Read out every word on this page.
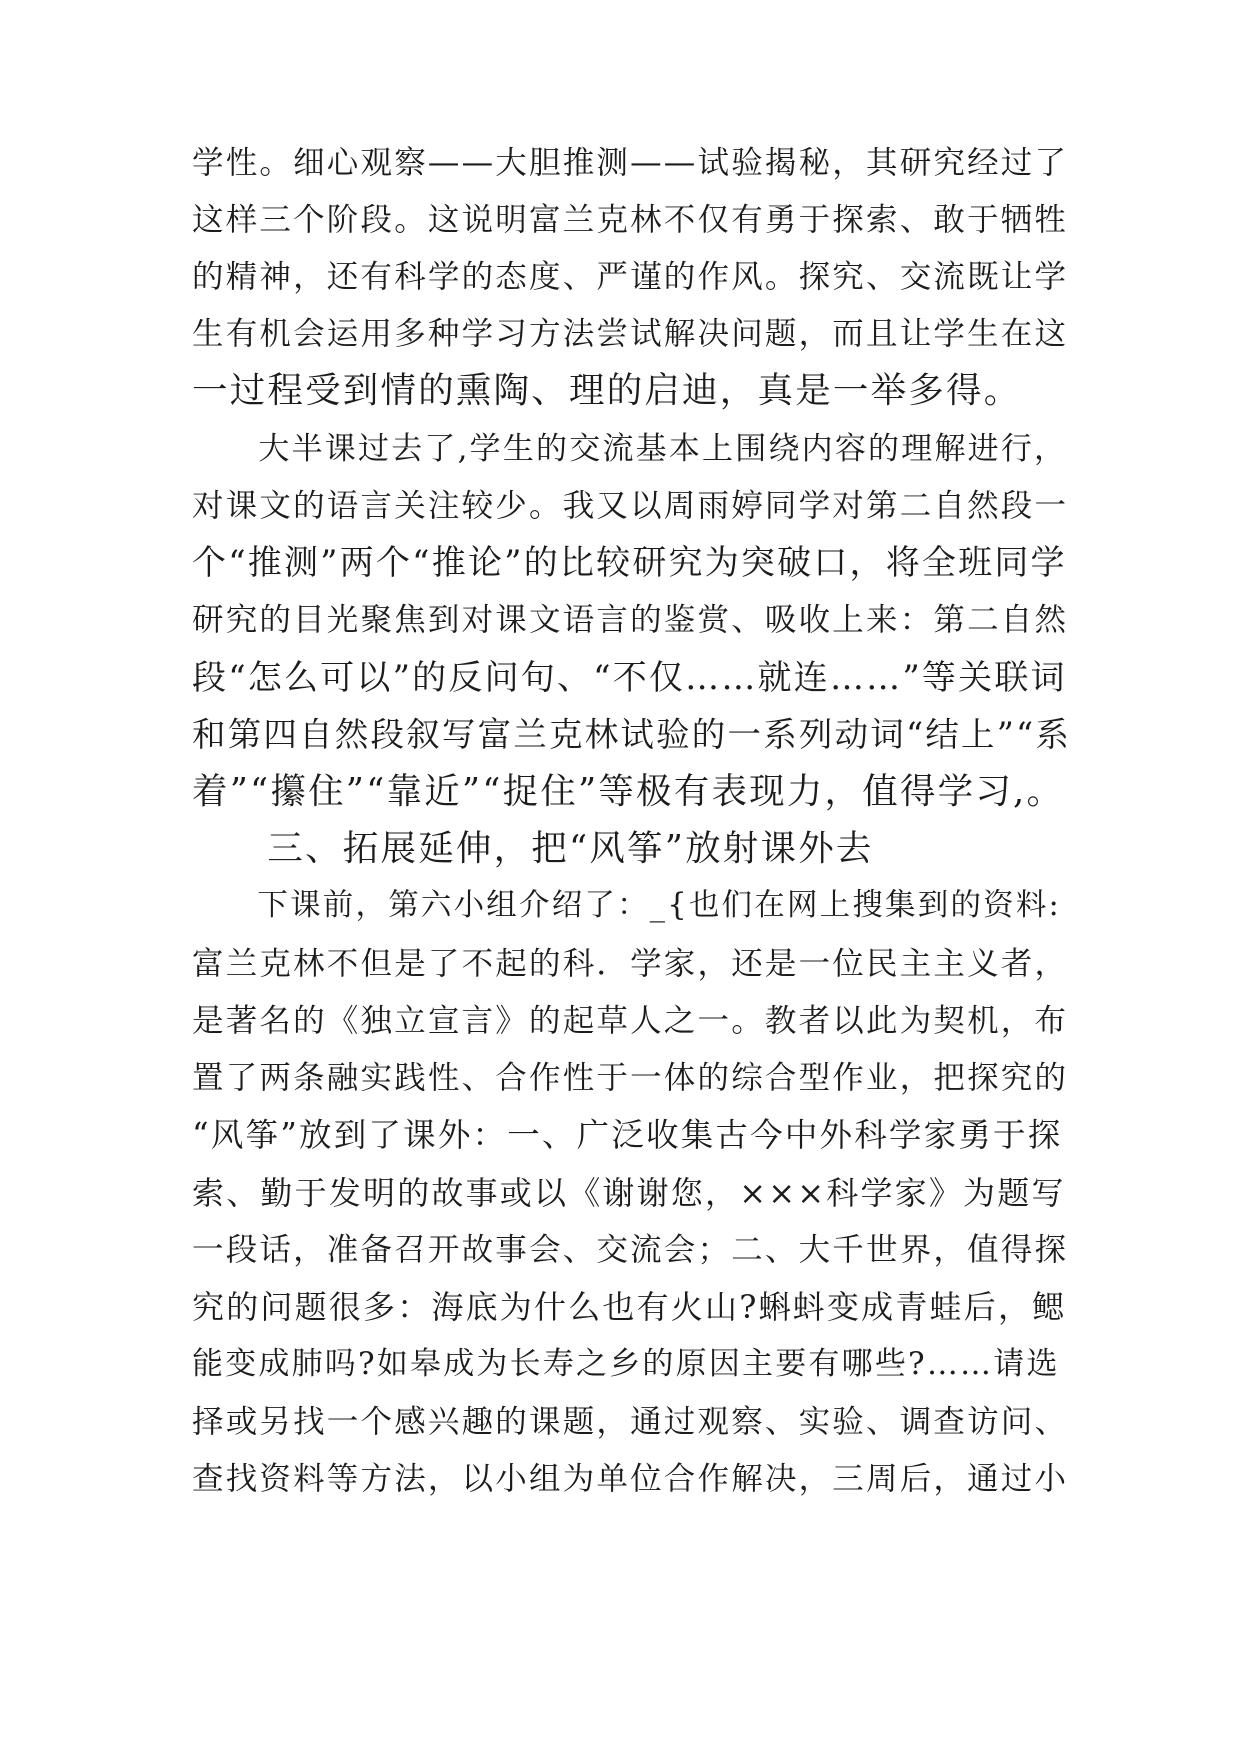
学性。细心观察——大胆推测——试验揭秘，其研究经过了
这样三个阶段。这说明富兰克林不仅有勇于探索、敢于牺牲
的精神，还有科学的态度、严谨的作风。探究、交流既让学
生有机会运用多种学习方法尝试解决问题，而且让学生在这
一过程受到情的熏陶、理的启迪，真是一举多得。
　　大半课过去了,学生的交流基本上围绕内容的理解进行，
对课文的语言关注较少。我又以周雨婷同学对第二自然段一
个“推测”两个“推论”的比较研究为突破口，将全班同学
研究的目光聚焦到对课文语言的鉴赏、吸收上来：第二自然
段“怎么可以”的反问句、“不仅……就连……”等关联词
和第四自然段叙写富兰克林试验的一系列动词“结上”“系
着”“攥住”“靠近”“捉住”等极有表现力，值得学习,。
　　三、拓展延伸，把“风筝”放射课外去
　　下课前，第六小组介绍了：_{也们在网上搜集到的资料:
富兰克林不但是了不起的科．学家，还是一位民主主义者，
是著名的《独立宣言》的起草人之一。教者以此为契机，布
置了两条融实践性、合作性于一体的综合型作业，把探究的
“风筝”放到了课外：一、广泛收集古今中外科学家勇于探
索、勤于发明的故事或以《谢谢您，×××科学家》为题写
一段话，准备召开故事会、交流会；二、大千世界，值得探
究的问题很多：海底为什么也有火山?蝌蚪变成青蛙后，鳃
能变成肺吗?如皋成为长寿之乡的原因主要有哪些?……请选
择或另找一个感兴趣的课题，通过观察、实验、调查访问、
查找资料等方法，以小组为单位合作解决，三周后，通过小
